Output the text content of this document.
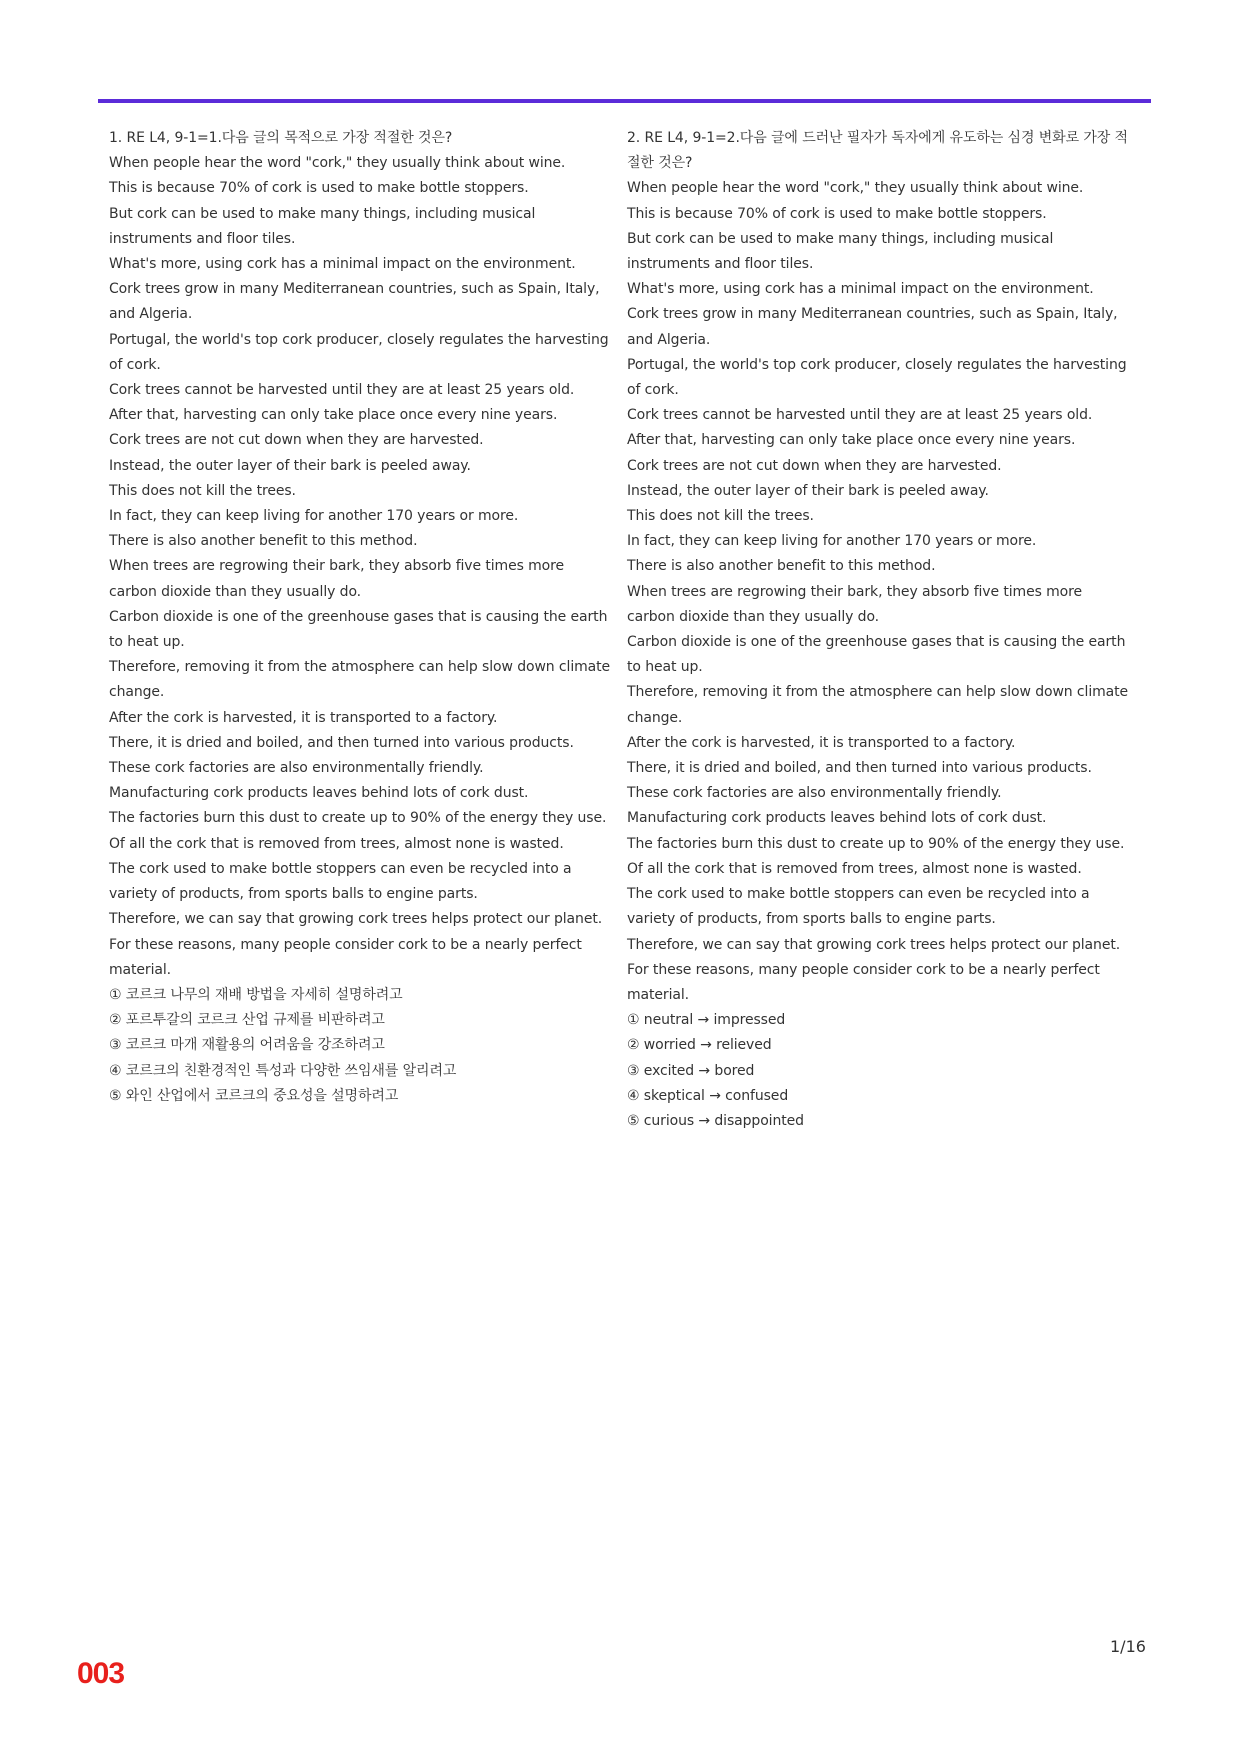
1. RE L4, 9-1=1.다음 글의 목적으로 가장 적절한 것은?
When people hear the word "cork," they usually think about wine.
This is because 70% of cork is used to make bottle stoppers.
But cork can be used to make many things, including musical instruments and floor tiles.
What's more, using cork has a minimal impact on the environment.
Cork trees grow in many Mediterranean countries, such as Spain, Italy, and Algeria.
Portugal, the world's top cork producer, closely regulates the harvesting of cork.
Cork trees cannot be harvested until they are at least 25 years old.
After that, harvesting can only take place once every nine years.
Cork trees are not cut down when they are harvested.
Instead, the outer layer of their bark is peeled away.
This does not kill the trees.
In fact, they can keep living for another 170 years or more.
There is also another benefit to this method.
When trees are regrowing their bark, they absorb five times more carbon dioxide than they usually do.
Carbon dioxide is one of the greenhouse gases that is causing the earth to heat up.
Therefore, removing it from the atmosphere can help slow down climate change.
After the cork is harvested, it is transported to a factory.
There, it is dried and boiled, and then turned into various products.
These cork factories are also environmentally friendly.
Manufacturing cork products leaves behind lots of cork dust.
The factories burn this dust to create up to 90% of the energy they use.
Of all the cork that is removed from trees, almost none is wasted.
The cork used to make bottle stoppers can even be recycled into a variety of products, from sports balls to engine parts.
Therefore, we can say that growing cork trees helps protect our planet.
For these reasons, many people consider cork to be a nearly perfect material.
① 코르크 나무의 재배 방법을 자세히 설명하려고
② 포르투갈의 코르크 산업 규제를 비판하려고
③ 코르크 마개 재활용의 어려움을 강조하려고
④ 코르크의 친환경적인 특성과 다양한 쓰임새를 알리려고
⑤ 와인 산업에서 코르크의 중요성을 설명하려고
2. RE L4, 9-1=2.다음 글에 드러난 필자가 독자에게 유도하는 심경 변화로 가장 적절한 것은?
When people hear the word "cork," they usually think about wine.
This is because 70% of cork is used to make bottle stoppers.
But cork can be used to make many things, including musical instruments and floor tiles.
What's more, using cork has a minimal impact on the environment.
Cork trees grow in many Mediterranean countries, such as Spain, Italy, and Algeria.
Portugal, the world's top cork producer, closely regulates the harvesting of cork.
Cork trees cannot be harvested until they are at least 25 years old.
After that, harvesting can only take place once every nine years.
Cork trees are not cut down when they are harvested.
Instead, the outer layer of their bark is peeled away.
This does not kill the trees.
In fact, they can keep living for another 170 years or more.
There is also another benefit to this method.
When trees are regrowing their bark, they absorb five times more carbon dioxide than they usually do.
Carbon dioxide is one of the greenhouse gases that is causing the earth to heat up.
Therefore, removing it from the atmosphere can help slow down climate change.
After the cork is harvested, it is transported to a factory.
There, it is dried and boiled, and then turned into various products.
These cork factories are also environmentally friendly.
Manufacturing cork products leaves behind lots of cork dust.
The factories burn this dust to create up to 90% of the energy they use.
Of all the cork that is removed from trees, almost none is wasted.
The cork used to make bottle stoppers can even be recycled into a variety of products, from sports balls to engine parts.
Therefore, we can say that growing cork trees helps protect our planet.
For these reasons, many people consider cork to be a nearly perfect material.
① neutral → impressed
② worried → relieved
③ excited → bored
④ skeptical → confused
⑤ curious → disappointed
1/16
003
